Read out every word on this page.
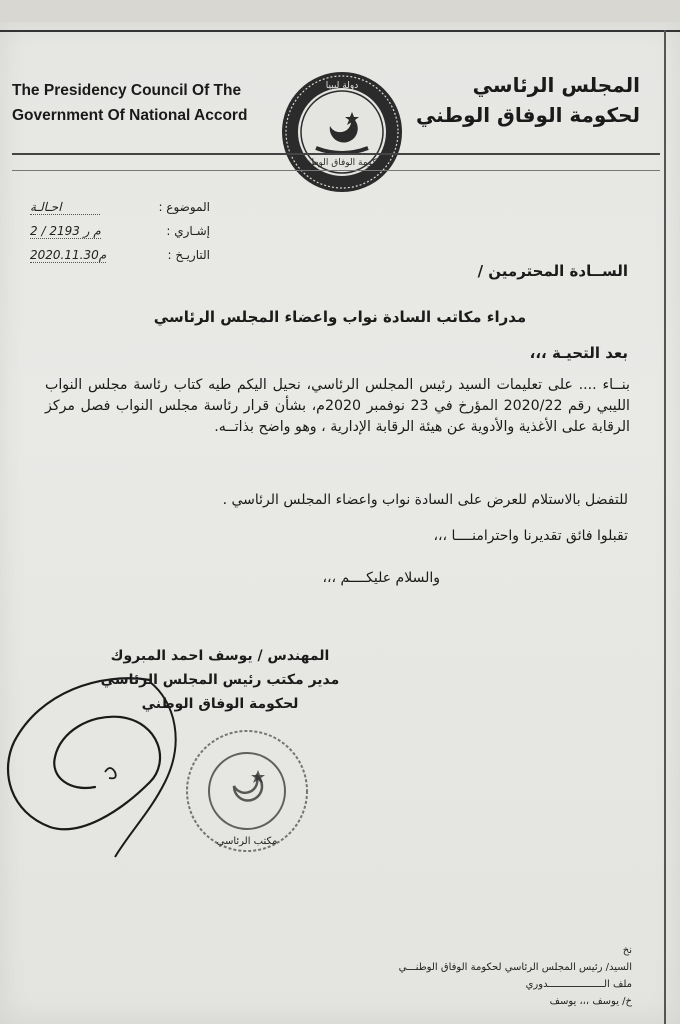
The Presidency Council Of The
Government Of National Accord
دولة ليبيا
حكومة الوفاق الوطني
المجلس الرئاسي
لحكومة الوفاق الوطني
الموضوع :
احـالـة
إشـاري :
م ر 2193 / 2
التاريـخ :
2020.11.30م
الســادة المحترمين /
مدراء مكاتب السادة نواب واعضاء المجلس الرئاسي
بعد التحيـة ،،،

بنــاء .... على تعليمات السيد رئيس المجلس الرئاسي، نحيل اليكم طيه كتاب رئاسة مجلس النواب الليبي رقم 2020/22 المؤرخ في 23 نوفمبر 2020م، بشأن قرار رئاسة مجلس النواب فصل مركز الرقابة على الأغذية والأدوية عن هيئة الرقابة الإدارية ، وهو واضح بذاتــه.

للتفضل بالاستلام للعرض على السادة نواب واعضاء المجلس الرئاسي .
تقبلوا فائق تقديرنا واحترامنــــا ،،،
والسلام عليكــــم ،،،
المهندس / يوسف احمد المبروك
مدير مكتب رئيس المجلس الرئاسي
لحكومة الوفاق الوطني
مكتب الرئاسي
نخ
السيد/ رئيس المجلس الرئاسي لحكومة الوفاق الوطنـــي
ملف الـــــــــــــــــــدوري
خ/ يوسف ،،، يوسف
